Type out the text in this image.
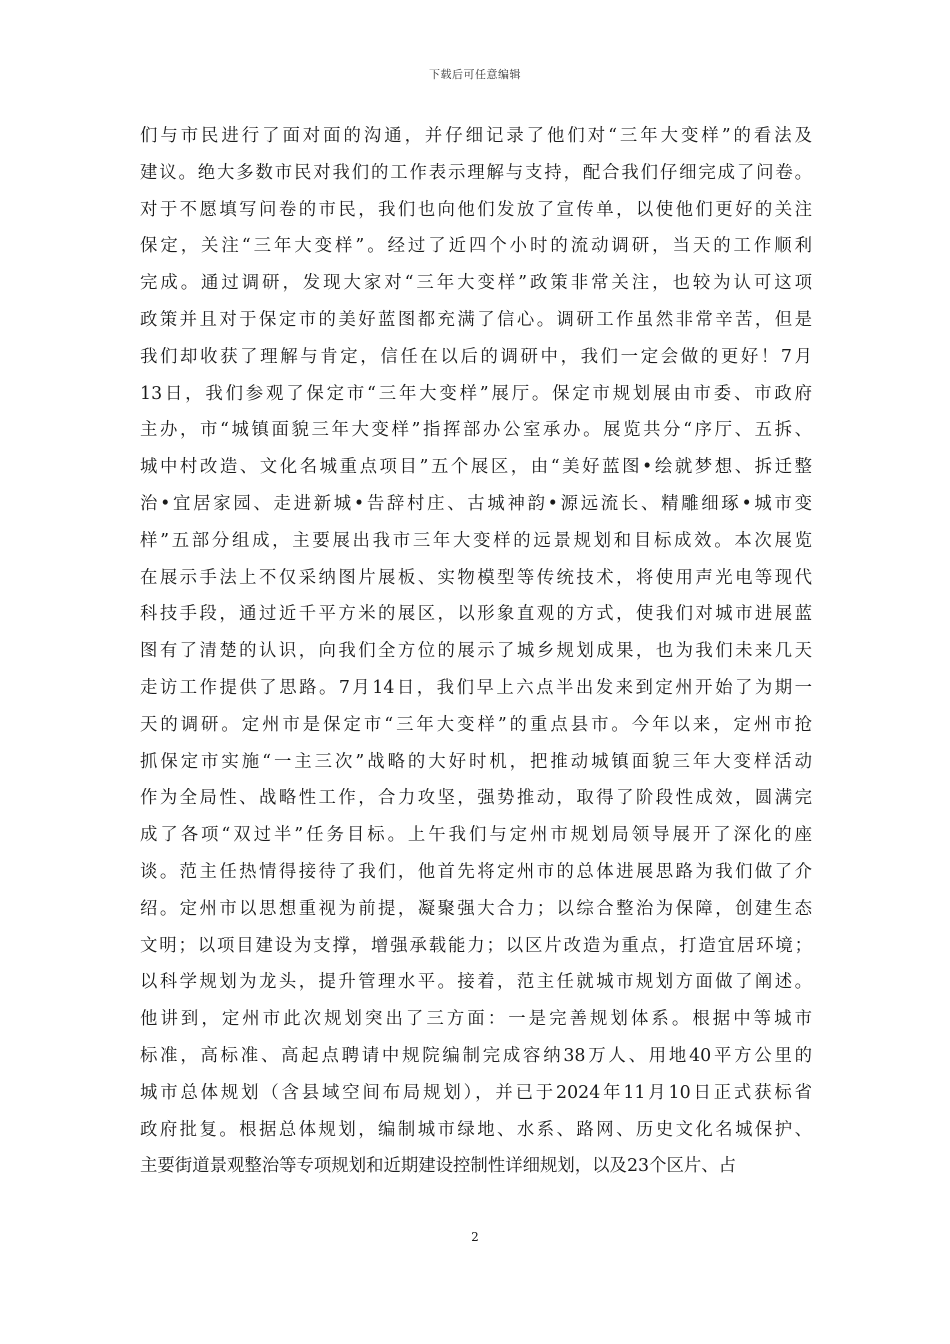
下载后可任意编辑
们与市民进行了面对面的沟通，并仔细记录了他们对“三年大变样”的看法及
建议。绝大多数市民对我们的工作表示理解与支持，配合我们仔细完成了问卷。
对于不愿填写问卷的市民，我们也向他们发放了宣传单，以使他们更好的关注
保定，关注“三年大变样”。经过了近四个小时的流动调研，当天的工作顺利
完成。通过调研，发现大家对“三年大变样”政策非常关注，也较为认可这项
政策并且对于保定市的美好蓝图都充满了信心。调研工作虽然非常辛苦，但是
我们却收获了理解与肯定，信任在以后的调研中，我们一定会做的更好！7月
13日，我们参观了保定市“三年大变样”展厅。保定市规划展由市委、市政府
主办，市“城镇面貌三年大变样”指挥部办公室承办。展览共分“序厅、五拆、
城中村改造、文化名城重点项目”五个展区，由“美好蓝图•绘就梦想、拆迁整
治•宜居家园、走进新城•告辞村庄、古城神韵•源远流长、精雕细琢•城市变
样”五部分组成，主要展出我市三年大变样的远景规划和目标成效。本次展览
在展示手法上不仅采纳图片展板、实物模型等传统技术，将使用声光电等现代
科技手段，通过近千平方米的展区，以形象直观的方式，使我们对城市进展蓝
图有了清楚的认识，向我们全方位的展示了城乡规划成果，也为我们未来几天
走访工作提供了思路。7月14日，我们早上六点半出发来到定州开始了为期一
天的调研。定州市是保定市“三年大变样”的重点县市。今年以来，定州市抢
抓保定市实施“一主三次”战略的大好时机，把推动城镇面貌三年大变样活动
作为全局性、战略性工作，合力攻坚，强势推动，取得了阶段性成效，圆满完
成了各项“双过半”任务目标。上午我们与定州市规划局领导展开了深化的座
谈。范主任热情得接待了我们，他首先将定州市的总体进展思路为我们做了介
绍。定州市以思想重视为前提，凝聚强大合力；以综合整治为保障，创建生态
文明；以项目建设为支撑，增强承载能力；以区片改造为重点，打造宜居环境；
以科学规划为龙头，提升管理水平。接着，范主任就城市规划方面做了阐述。
他讲到，定州市此次规划突出了三方面：一是完善规划体系。根据中等城市
标准，高标准、高起点聘请中规院编制完成容纳38万人、用地40平方公里的
城市总体规划（含县域空间布局规划），并已于2024年11月10日正式获标省
政府批复。根据总体规划，编制城市绿地、水系、路网、历史文化名城保护、
主要街道景观整治等专项规划和近期建设控制性详细规划，以及23个区片、占
2
